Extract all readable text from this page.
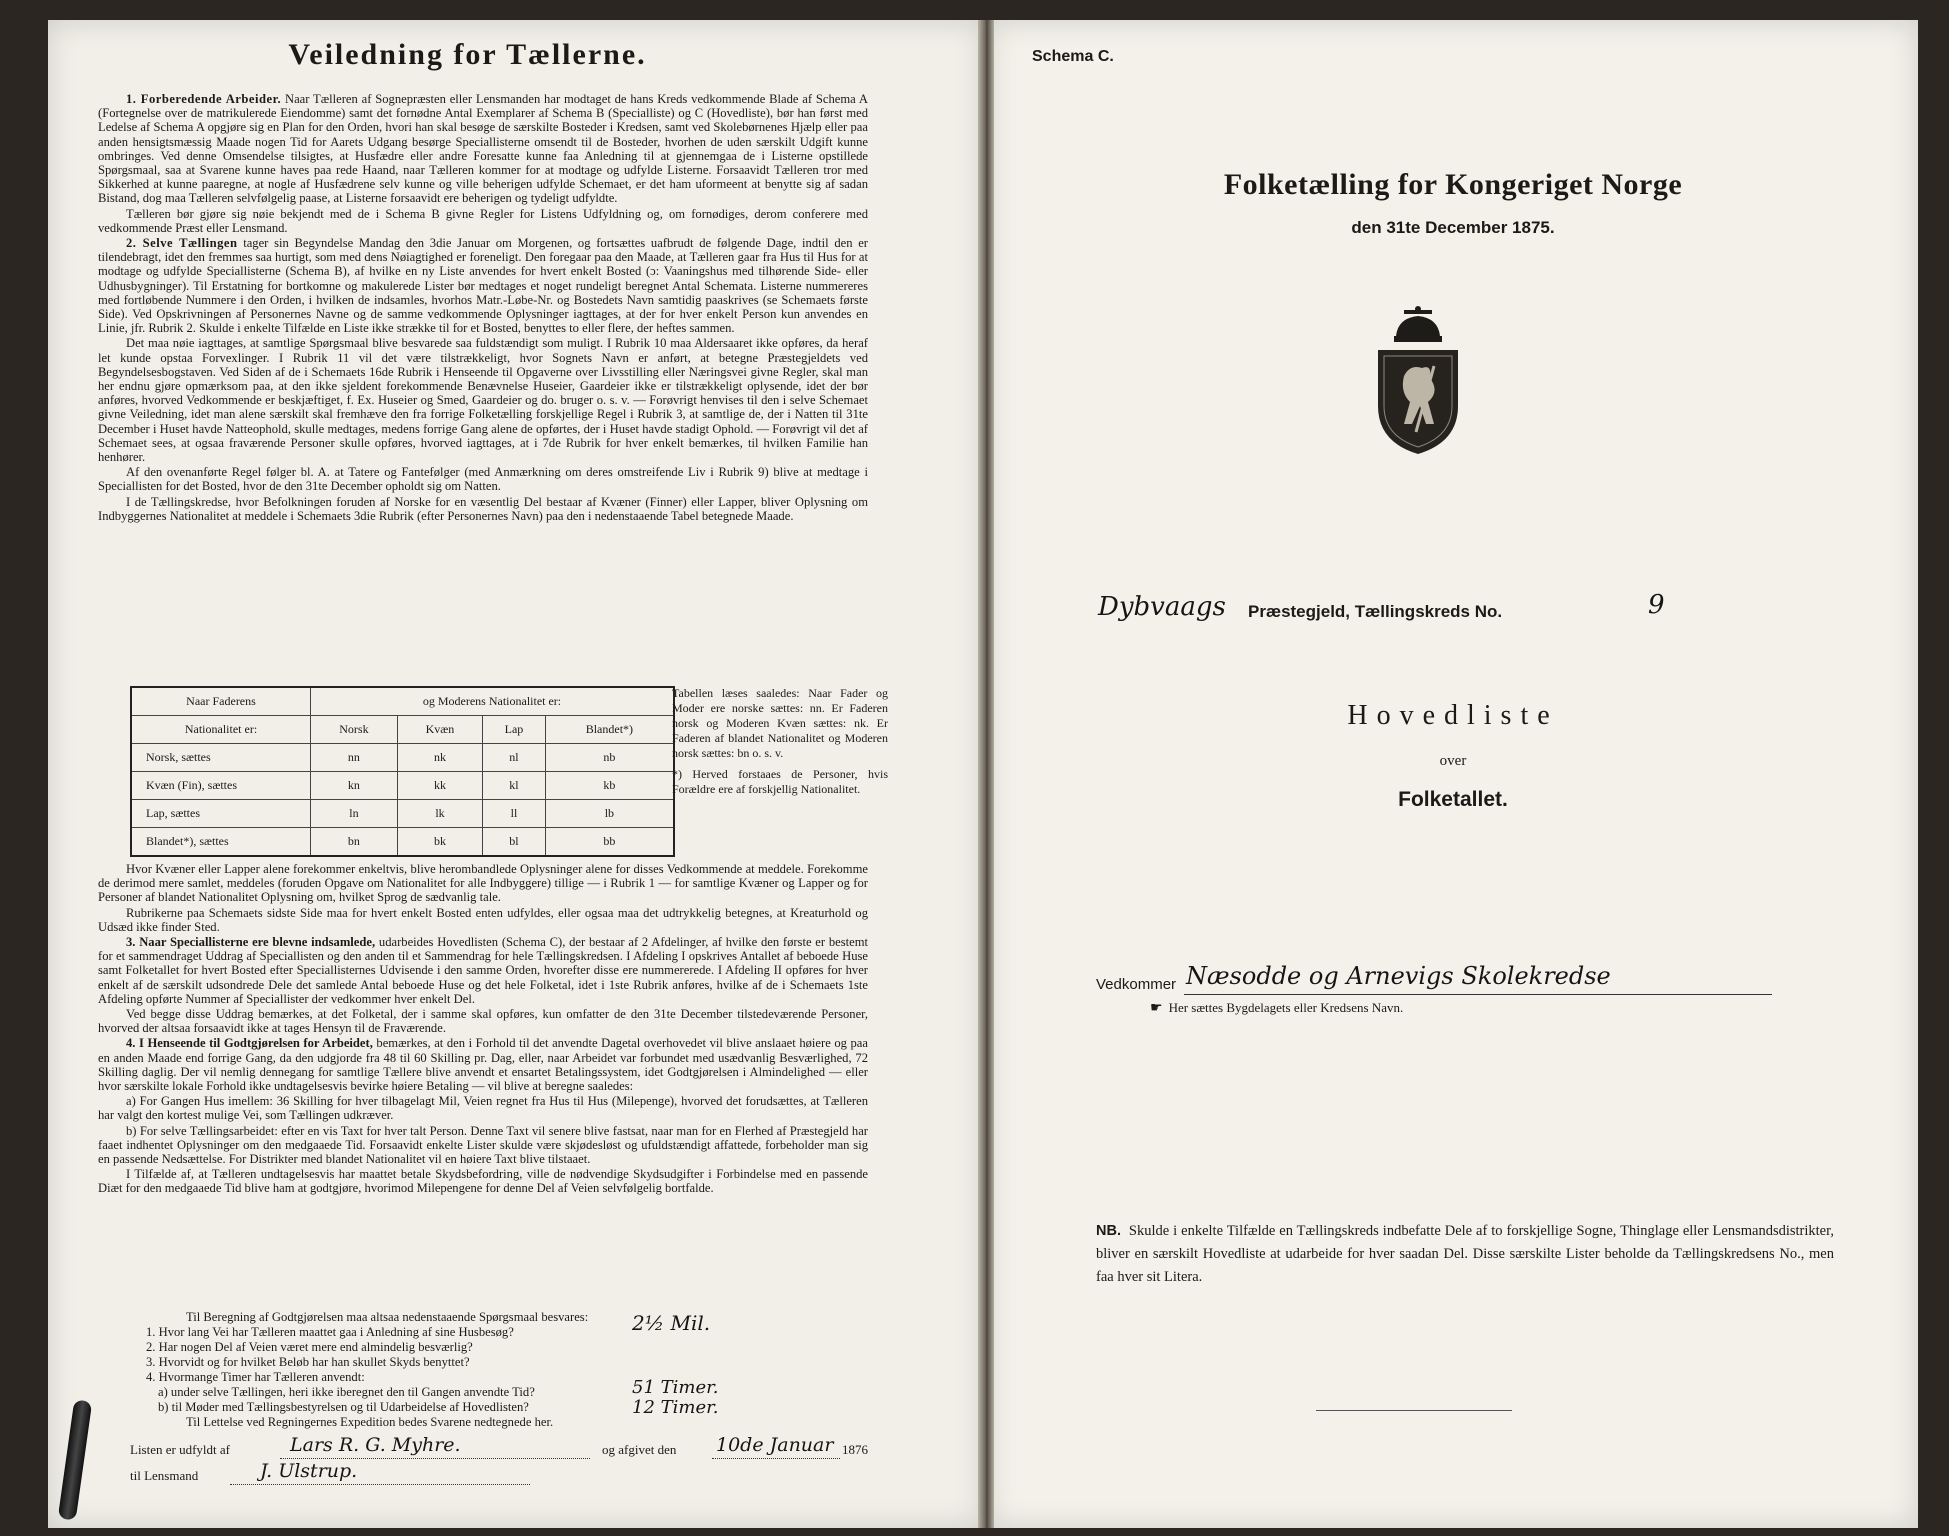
Veiledning for Tællerne.

1. Forberedende Arbeider. Naar Tælleren af Sognepræsten eller Lensmanden har modtaget de hans Kreds vedkommende Blade af Schema A (Fortegnelse over de matrikulerede Eiendomme) samt det fornødne Antal Exemplarer af Schema B (Specialliste) og C (Hovedliste), bør han først med Ledelse af Schema A opgjøre sig en Plan for den Orden, hvori han skal besøge de særskilte Bosteder i Kredsen, samt ved Skolebørnenes Hjælp eller paa anden hensigtsmæssig Maade nogen Tid for Aarets Udgang besørge Speciallisterne omsendt til de Bosteder, hvorhen de uden særskilt Udgift kunne ombringes. Ved denne Omsendelse tilsigtes, at Husfædre eller andre Foresatte kunne faa Anledning til at gjennemgaa de i Listerne opstillede Spørgsmaal, saa at Svarene kunne haves paa rede Haand, naar Tælleren kommer for at modtage og udfylde Listerne. Forsaavidt Tælleren tror med Sikkerhed at kunne paaregne, at nogle af Husfædrene selv kunne og ville beherigen udfylde Schemaet, er det ham uformeent at benytte sig af sadan Bistand, dog maa Tælleren selvfølgelig paase, at Listerne forsaavidt ere beherigen og tydeligt udfyldte.

Tælleren bør gjøre sig nøie bekjendt med de i Schema B givne Regler for Listens Udfyldning og, om fornødiges, derom conferere med vedkommende Præst eller Lensmand.

2. Selve Tællingen tager sin Begyndelse Mandag den 3die Januar om Morgenen, og fortsættes uafbrudt de følgende Dage, indtil den er tilendebragt, idet den fremmes saa hurtigt, som med dens Nøiagtighed er foreneligt. Den foregaar paa den Maade, at Tælleren gaar fra Hus til Hus for at modtage og udfylde Speciallisterne (Schema B), af hvilke en ny Liste anvendes for hvert enkelt Bosted (ɔ: Vaaningshus med tilhørende Side- eller Udhusbygninger). Til Erstatning for bortkomne og makulerede Lister bør medtages et noget rundeligt beregnet Antal Schemata. Listerne nummereres med fortløbende Nummere i den Orden, i hvilken de indsamles, hvorhos Matr.-Løbe-Nr. og Bostedets Navn samtidig paaskrives (se Schemaets første Side). Ved Opskrivningen af Personernes Navne og de samme vedkommende Oplysninger iagttages, at der for hver enkelt Person kun anvendes en Linie, jfr. Rubrik 2. Skulde i enkelte Tilfælde en Liste ikke strække til for et Bosted, benyttes to eller flere, der heftes sammen.

Det maa nøie iagttages, at samtlige Spørgsmaal blive besvarede saa fuldstændigt som muligt. I Rubrik 10 maa Aldersaaret ikke opføres, da heraf let kunde opstaa Forvexlinger. I Rubrik 11 vil det være tilstrækkeligt, hvor Sognets Navn er anført, at betegne Præstegjeldets ved Begyndelsesbogstaven. Ved Siden af de i Schemaets 16de Rubrik i Henseende til Opgaverne over Livsstilling eller Næringsvei givne Regler, skal man her endnu gjøre opmærksom paa, at den ikke sjeldent forekommende Benævnelse Huseier, Gaardeier ikke er tilstrækkeligt oplysende, idet der bør anføres, hvorved Vedkommende er beskjæftiget, f. Ex. Huseier og Smed, Gaardeier og do. bruger o. s. v. — Forøvrigt henvises til den i selve Schemaet givne Veiledning, idet man alene særskilt skal fremhæve den fra forrige Folketælling forskjellige Regel i Rubrik 3, at samtlige de, der i Natten til 31te December i Huset havde Natteophold, skulle medtages, medens forrige Gang alene de opførtes, der i Huset havde stadigt Ophold. — Forøvrigt vil det af Schemaet sees, at ogsaa fraværende Personer skulle opføres, hvorved iagttages, at i 7de Rubrik for hver enkelt bemærkes, til hvilken Familie han henhører.

Af den ovenanførte Regel følger bl. A. at Tatere og Fantefølger (med Anmærkning om deres omstreifende Liv i Rubrik 9) blive at medtage i Speciallisten for det Bosted, hvor de den 31te December opholdt sig om Natten.

I de Tællingskredse, hvor Befolkningen foruden af Norske for en væsentlig Del bestaar af Kvæner (Finner) eller Lapper, bliver Oplysning om Indbyggernes Nationalitet at meddele i Schemaets 3die Rubrik (efter Personernes Navn) paa den i nedenstaaende Tabel betegnede Maade.

Naar Faderens	og Moderens Nationalitet er:			
Nationalitet er:	Norsk	Kvæn	Lap	Blandet*)
Norsk, sættes	nn	nk	nl	nb
Kvæn (Fin), sættes	kn	kk	kl	kb
Lap, sættes	ln	lk	ll	lb
Blandet*), sættes	bn	bk	bl	bb

Tabellen læses saaledes: Naar Fader og Moder ere norske sættes: nn. Er Faderen norsk og Moderen Kvæn sættes: nk. Er Faderen af blandet Nationalitet og Moderen norsk sættes: bn o. s. v.

*) Herved forstaaes de Personer, hvis Forældre ere af forskjellig Nationalitet.

Hvor Kvæner eller Lapper alene forekommer enkeltvis, blive herombandlede Oplysninger alene for disses Vedkommende at meddele. Forekomme de derimod mere samlet, meddeles (foruden Opgave om Nationalitet for alle Indbyggere) tillige — i Rubrik 1 — for samtlige Kvæner og Lapper og for Personer af blandet Nationalitet Oplysning om, hvilket Sprog de sædvanlig tale.

Rubrikerne paa Schemaets sidste Side maa for hvert enkelt Bosted enten udfyldes, eller ogsaa maa det udtrykkelig betegnes, at Kreaturhold og Udsæd ikke finder Sted.

3. Naar Speciallisterne ere blevne indsamlede, udarbeides Hovedlisten (Schema C), der bestaar af 2 Afdelinger, af hvilke den første er bestemt for et sammendraget Uddrag af Speciallisten og den anden til et Sammendrag for hele Tællingskredsen. I Afdeling I opskrives Antallet af beboede Huse samt Folketallet for hvert Bosted efter Speciallisternes Udvisende i den samme Orden, hvorefter disse ere nummererede. I Afdeling II opføres for hver enkelt af de særskilt udsondrede Dele det samlede Antal beboede Huse og det hele Folketal, idet i 1ste Rubrik anføres, hvilke af de i Schemaets 1ste Afdeling opførte Nummer af Speciallister der vedkommer hver enkelt Del.

Ved begge disse Uddrag bemærkes, at det Folketal, der i samme skal opføres, kun omfatter de den 31te December tilstedeværende Personer, hvorved der altsaa forsaavidt ikke at tages Hensyn til de Fraværende.

4. I Henseende til Godtgjørelsen for Arbeidet, bemærkes, at den i Forhold til det anvendte Dagetal overhovedet vil blive anslaaet høiere og paa en anden Maade end forrige Gang, da den udgjorde fra 48 til 60 Skilling pr. Dag, eller, naar Arbeidet var forbundet med usædvanlig Besværlighed, 72 Skilling daglig. Der vil nemlig dennegang for samtlige Tællere blive anvendt et ensartet Betalingssystem, idet Godtgjørelsen i Almindelighed — eller hvor særskilte lokale Forhold ikke undtagelsesvis bevirke høiere Betaling — vil blive at beregne saaledes:

a) For Gangen Hus imellem: 36 Skilling for hver tilbagelagt Mil, Veien regnet fra Hus til Hus (Milepenge), hvorved det forudsættes, at Tælleren har valgt den kortest mulige Vei, som Tællingen udkræver.

b) For selve Tællingsarbeidet: efter en vis Taxt for hver talt Person. Denne Taxt vil senere blive fastsat, naar man for en Flerhed af Præstegjeld har faaet indhentet Oplysninger om den medgaaede Tid. Forsaavidt enkelte Lister skulde være skjødesløst og ufuldstændigt affattede, forbeholder man sig en passende Nedsættelse. For Distrikter med blandet Nationalitet vil en høiere Taxt blive tilstaaet.

I Tilfælde af, at Tælleren undtagelsesvis har maattet betale Skydsbefordring, ville de nødvendige Skydsudgifter i Forbindelse med en passende Diæt for den medgaaede Tid blive ham at godtgjøre, hvorimod Milepengene for denne Del af Veien selvfølgelig bortfalde.

Til Beregning af Godtgjørelsen maa altsaa nedenstaaende Spørgsmaal besvares:
1. Hvor lang Vei har Tælleren maattet gaa i Anledning af sine Husbesøg?
2. Har nogen Del af Veien været mere end almindelig besværlig?
3. Hvorvidt og for hvilket Beløb har han skullet Skyds benyttet?
4. Hvormange Timer har Tælleren anvendt:
a) under selve Tællingen, heri ikke iberegnet den til Gangen anvendte Tid?
b) til Møder med Tællingsbestyrelsen og til Udarbeidelse af Hovedlisten?
Til Lettelse ved Regningernes Expedition bedes Svarene nedtegnede her.
2½ Mil.
51 Timer.
12 Timer.
Listen er udfyldt af	Lars R. G. Myhre.	og afgivet den 10de Januar 1876
til Lensmand	J. Ulstrup.
Schema C.
Folketælling for Kongeriget Norge
den 31te December 1875.
Dybvaags Præstegjeld, Tællingskreds No.	9
Hovedliste
over
Folketallet.
Vedkommer Næsodde og Arnevigs Skolekredse
☛ Her sættes Bygdelagets eller Kredsens Navn.
NB. Skulde i enkelte Tilfælde en Tællingskreds indbefatte Dele af to forskjellige Sogne, Thinglage eller Lensmandsdistrikter, bliver en særskilt Hovedliste at udarbeide for hver saadan Del. Disse særskilte Lister beholde da Tællingskredsens No., men faa hver sit Litera.
